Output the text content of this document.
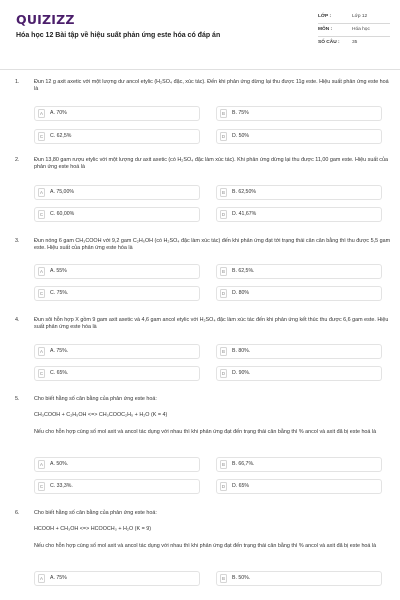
QUIZIZZ
Hóa học 12 Bài tập về hiệu suất phản ứng este hóa có đáp án
LỚP :	Lớp 12
MÔN :	Hóa học
SỐ CÂU :	35
1.	Đun 12 g axit axetic với một lượng dư ancol etylic (H₂SO₄ đặc, xúc tác). Đến khi phản ứng dừng lại thu được 11g este. Hiệu suất phản ứng este hoá là

A	A. 70%	B	B. 75%
C	C. 62,5%	D	D. 50%
2.	Đun 13,80 gam rượu etylic với một lượng dư axit axetic (có H₂SO₄ đặc làm xúc tác). Khi phản ứng dừng lại thu được 11,00 gam este. Hiệu suất của phản ứng este hoá là

A	A. 75,00%	B	B. 62,50%
C	C. 60,00%	D	D. 41,67%
3.	Đun nóng 6 gam CH₃COOH với 9,2 gam C₂H₅OH (có H₂SO₄ đặc làm xúc tác) đến khi phản ứng đạt tới trạng thái cân cân bằng thì thu được 5,5 gam este. Hiệu suất của phản ứng este hóa là

A	A. 55%	B	B. 62,5%.
C	C. 75%.	D	D. 80%
4.	Đun sôi hỗn hợp X gồm 9 gam axit axetic và 4,6 gam ancol etylic với H₂SO₄ đặc làm xúc tác đến khi phản ứng kết thúc thu được 6,6 gam este. Hiệu suất phản ứng este hóa là

A	A. 75%.	B	B. 80%.
C	C. 65%.	D	D. 90%.
5.	Cho biết hằng số cân bằng của phản ứng este hoá:

CH₃COOH + C₂H₅OH <=> CH₃COOC₂H₅ + H₂O (K = 4)

Nếu cho hỗn hợp cùng số mol axit và ancol tác dụng với nhau thì khi phản ứng đạt đến trạng thái cân bằng thì % ancol và axit đã bị este hoá là

A	A. 50%.	B	B. 66,7%.
C	C. 33,3%.	D	D. 65%
6.	Cho biết hằng số cân bằng của phản ứng este hoá:

HCOOH + CH₃OH <=> HCOOCH₃ + H₂O (K = 9)

Nếu cho hỗn hợp cùng số mol axit và ancol tác dụng với nhau thì khi phản ứng đạt đến trạng thái cân bằng thì % ancol và axit đã bị este hoá là

A	A. 75%	B	B. 50%.
